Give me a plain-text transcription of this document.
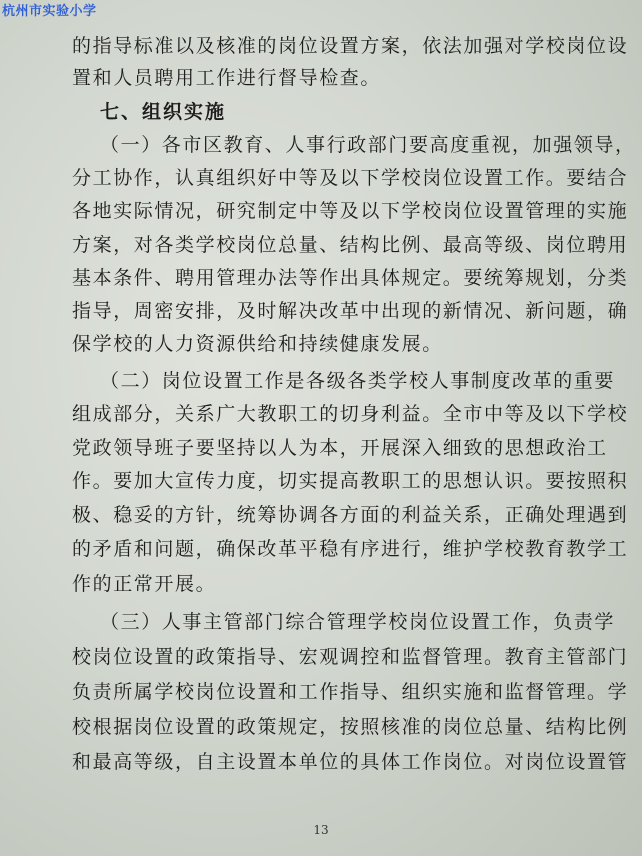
杭州市实验小学
的指导标准以及核准的岗位设置方案，依法加强对学校岗位设
置和人员聘用工作进行督导检查。
七、组织实施
（一）各市区教育、人事行政部门要高度重视，加强领导，
分工协作，认真组织好中等及以下学校岗位设置工作。要结合
各地实际情况，研究制定中等及以下学校岗位设置管理的实施
方案，对各类学校岗位总量、结构比例、最高等级、岗位聘用
基本条件、聘用管理办法等作出具体规定。要统筹规划，分类
指导，周密安排，及时解决改革中出现的新情况、新问题，确
保学校的人力资源供给和持续健康发展。
（二）岗位设置工作是各级各类学校人事制度改革的重要
组成部分，关系广大教职工的切身利益。全市中等及以下学校
党政领导班子要坚持以人为本，开展深入细致的思想政治工
作。要加大宣传力度，切实提高教职工的思想认识。要按照积
极、稳妥的方针，统筹协调各方面的利益关系，正确处理遇到
的矛盾和问题，确保改革平稳有序进行，维护学校教育教学工
作的正常开展。
（三）人事主管部门综合管理学校岗位设置工作，负责学
校岗位设置的政策指导、宏观调控和监督管理。教育主管部门
负责所属学校岗位设置和工作指导、组织实施和监督管理。学
校根据岗位设置的政策规定，按照核准的岗位总量、结构比例
和最高等级，自主设置本单位的具体工作岗位。对岗位设置管
13
